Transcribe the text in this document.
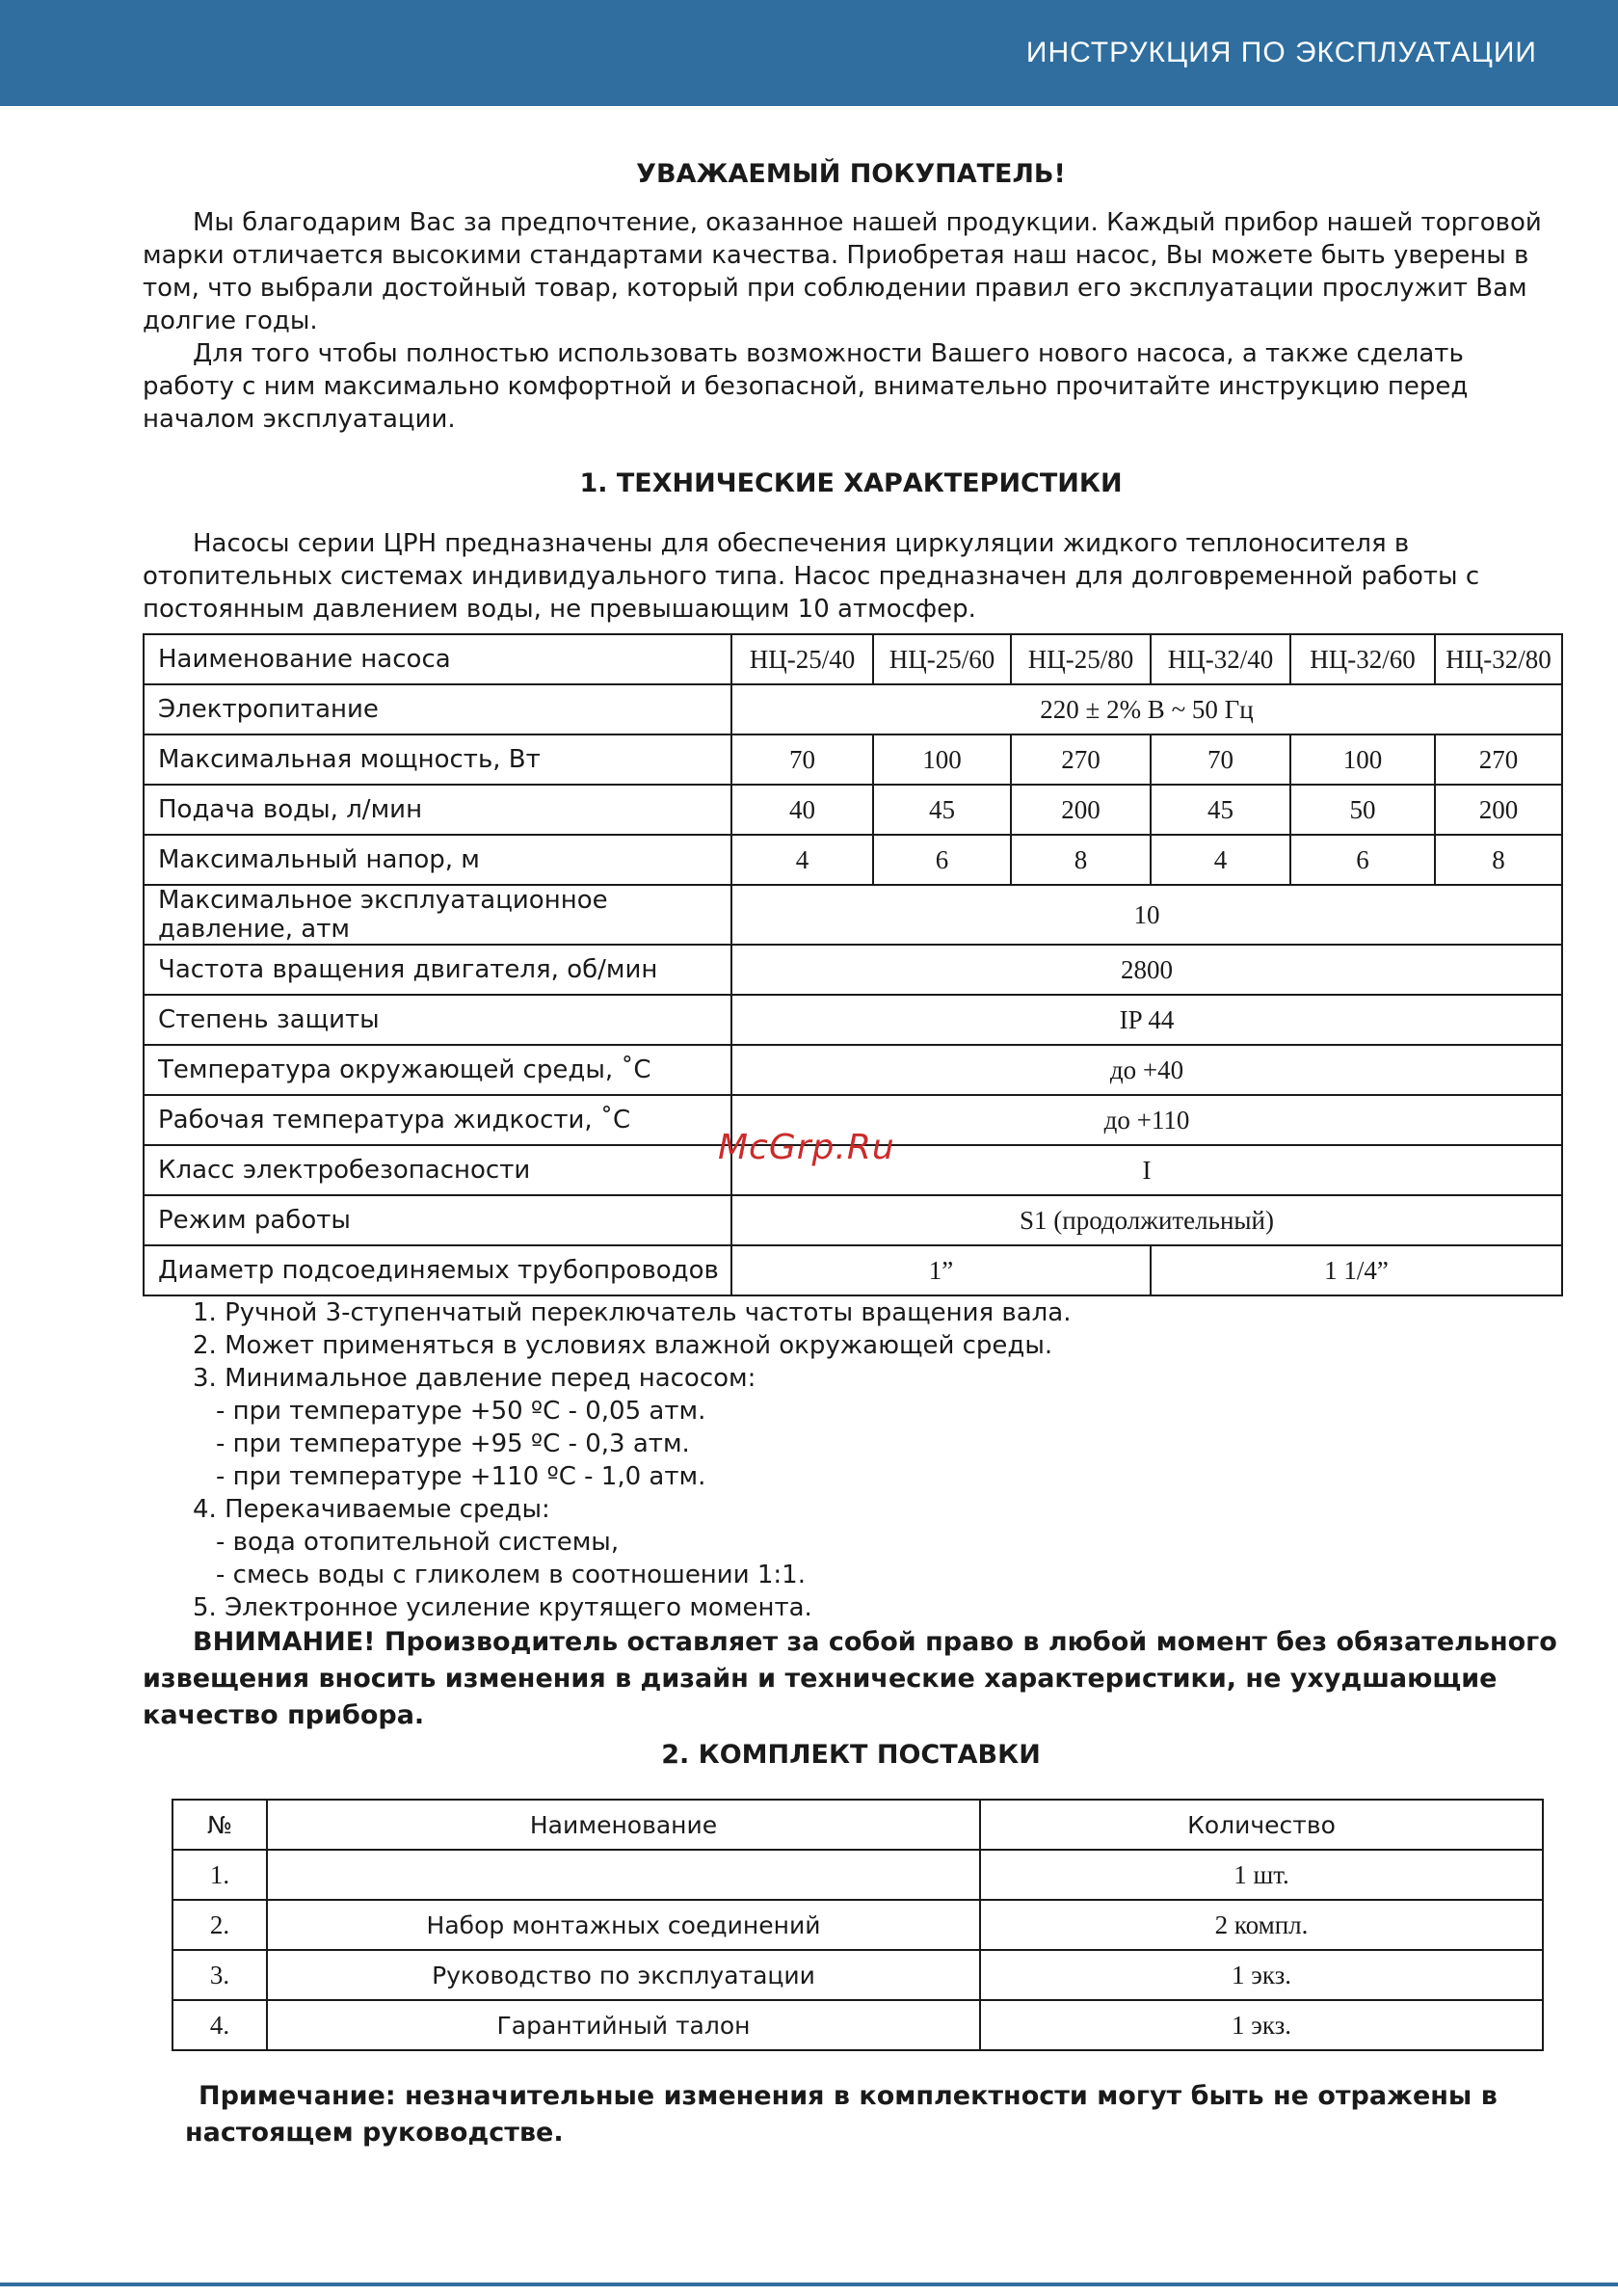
ИНСТРУКЦИЯ ПО ЭКСПЛУАТАЦИИ
УВАЖАЕМЫЙ ПОКУПАТЕЛЬ!

Мы благодарим Вас за предпочтение, оказанное нашей продукции. Каждый прибор нашей торговой марки отличается высокими стандартами качества. Приобретая наш насос, Вы можете быть уверены в том, что выбрали достойный товар, который при соблюдении правил его эксплуатации прослужит Вам долгие годы.

Для того чтобы полностью использовать возможности Вашего нового насоса, а также сделать работу с ним максимально комфортной и безопасной, внимательно прочитайте инструкцию перед началом эксплуатации.

1. ТЕХНИЧЕСКИЕ ХАРАКТЕРИСТИКИ

Насосы серии ЦРН предназначены для обеспечения циркуляции жидкого теплоносителя в отопительных системах индивидуального типа. Насос предназначен для долговременной работы с постоянным давлением воды, не превышающим 10 атмосфер.

Наименование насоса	НЦ-25/40	НЦ-25/60	НЦ-25/80	НЦ-32/40	НЦ-32/60	НЦ-32/80
Электропитание	220 ± 2% В ~ 50 Гц					
Максимальная мощность, Вт	70	100	270	70	100	270
Подача воды, л/мин	40	45	200	45	50	200
Максимальный напор, м	4	6	8	4	6	8
Максимальное эксплуатационное давление, атм	10					
Частота вращения двигателя, об/мин	2800					
Степень защиты	IP 44					
Температура окружающей среды, ˚С	до +40					
Рабочая температура жидкости, ˚С	до +110					
Класс электробезопасности	I					
Режим работы	S1 (продолжительный)					
Диаметр подсоединяемых трубопроводов	1”			1 1/4”		
1. Ручной 3-ступенчатый переключатель частоты вращения вала.
2. Может применяться в условиях влажной окружающей среды.
3. Минимальное давление перед насосом:
- при температуре +50 ºС - 0,05 атм.
- при температуре +95 ºС - 0,3 атм.
- при температуре +110 ºС - 1,0 атм.
4. Перекачиваемые среды:
- вода отопительной системы,
- смесь воды с гликолем в соотношении 1:1.
5. Электронное усиление крутящего момента.

ВНИМАНИЕ! Производитель оставляет за собой право в любой момент без обязательного извещения вносить изменения в дизайн и технические характеристики, не ухудшающие качество прибора.

2. КОМПЛЕКТ ПОСТАВКИ
№	Наименование	Количество
1.		1 шт.
2.	Набор монтажных соединений	2 компл.
3.	Руководство по эксплуатации	1 экз.
4.	Гарантийный талон	1 экз.

Примечание: незначительные изменения в комплектности могут быть не отражены в настоящем руководстве.

McGrp.Ru
